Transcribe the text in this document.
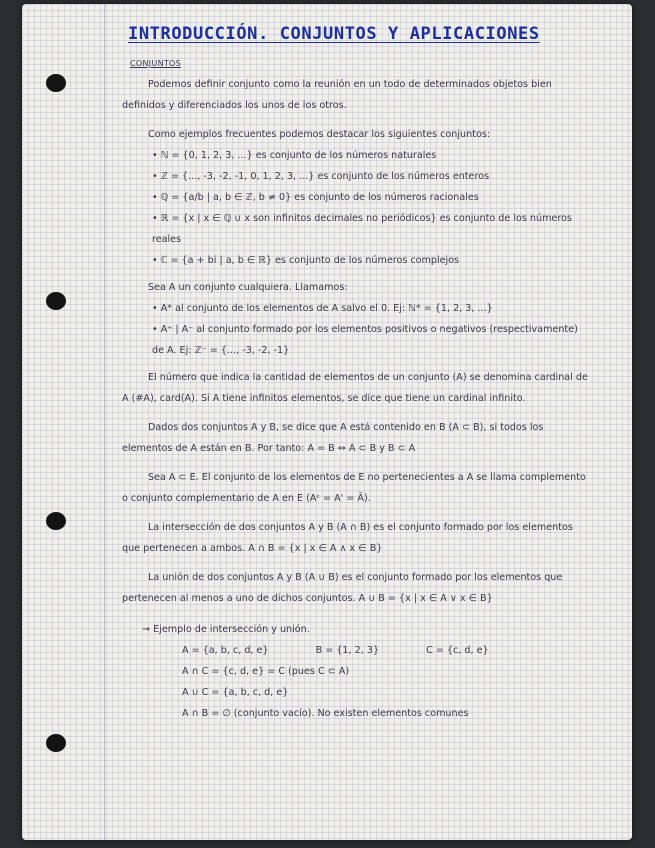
INTRODUCCIÓN. CONJUNTOS Y APLICACIONES
CONJUNTOS

Podemos definir conjunto como la reunión en un todo de determinados objetos bien definidos y diferenciados los unos de los otros.

Como ejemplos frecuentes podemos destacar los siguientes conjuntos:

• ℕ = {0, 1, 2, 3, ...} es conjunto de los números naturales

• ℤ = {..., -3, -2, -1, 0, 1, 2, 3, ...} es conjunto de los números enteros

• ℚ = {a/b | a, b ∈ ℤ, b ≠ 0} es conjunto de los números racionales

• ℝ = {x | x ∈ ℚ ∪ x son infinitos decimales no periódicos} es conjunto de los números reales

• ℂ = {a + bi | a, b ∈ ℝ} es conjunto de los números complejos

Sea A un conjunto cualquiera. Llamamos:

• A* al conjunto de los elementos de A salvo el 0. Ej: ℕ* = {1, 2, 3, ...}

• A⁺ | A⁻ al conjunto formado por los elementos positivos o negativos (respectivamente) de A. Ej: ℤ⁻ = {..., -3, -2, -1}

El número que indica la cantidad de elementos de un conjunto (A) se denomina cardinal de A (#A), card(A). Si A tiene infinitos elementos, se dice que tiene un cardinal infinito.

Dados dos conjuntos A y B, se dice que A está contenido en B (A ⊂ B), si todos los elementos de A están en B. Por tanto: A = B ⇔ A ⊂ B y B ⊂ A

Sea A ⊂ E. El conjunto de los elementos de E no pertenecientes a A se llama complemento o conjunto complementario de A en E (Aᶜ = A' = Ā).

La intersección de dos conjuntos A y B (A ∩ B) es el conjunto formado por los elementos que pertenecen a ambos. A ∩ B = {x | x ∈ A ∧ x ∈ B}

La unión de dos conjuntos A y B (A ∪ B) es el conjunto formado por los elementos que pertenecen al menos a uno de dichos conjuntos. A ∪ B = {x | x ∈ A ∨ x ∈ B}

→ Ejemplo de intersección y unión.
A = {a, b, c, d, e}	B = {1, 2, 3}	C = {c, d, e}
A ∩ C = {c, d, e} = C (pues C ⊂ A)
A ∪ C = {a, b, c, d, e}
A ∩ B = ∅ (conjunto vacío). No existen elementos comunes
